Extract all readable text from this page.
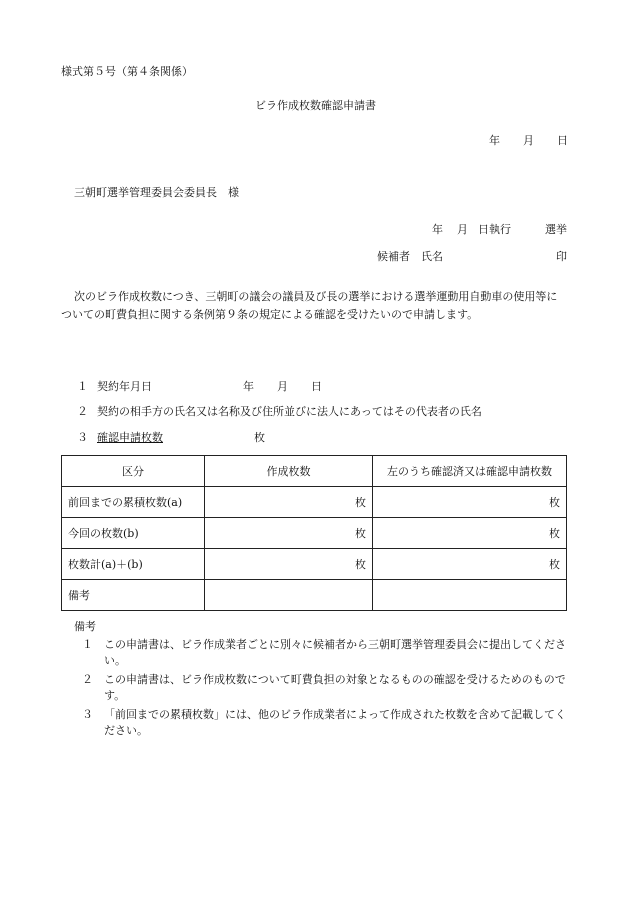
様式第５号（第４条関係）
ビラ作成枚数確認申請書
年 月 日
三朝町選挙管理委員会委員長　様
年 月 日執行	選挙
候補者 氏名	印
次のビラ作成枚数につき、三朝町の議会の議員及び長の選挙における選挙運動用自動車の使用等に
ついての町費負担に関する条例第９条の規定による確認を受けたいので申請します。
１ 契約年月日	年 月 日
２ 契約の相手方の氏名又は名称及び住所並びに法人にあってはその代表者の氏名
３ 確認申請枚数	枚
区分	作成枚数	左のうち確認済又は確認申請枚数
前回までの累積枚数(a)	枚	枚
今回の枚数(b)	枚	枚
枚数計(a)＋(b)	枚	枚
備考		
備考
１	この申請書は、ビラ作成業者ごとに別々に候補者から三朝町選挙管理委員会に提出してください。
２	この申請書は、ビラ作成枚数について町費負担の対象となるものの確認を受けるためのものです。
３	「前回までの累積枚数」には、他のビラ作成業者によって作成された枚数を含めて記載してください。
